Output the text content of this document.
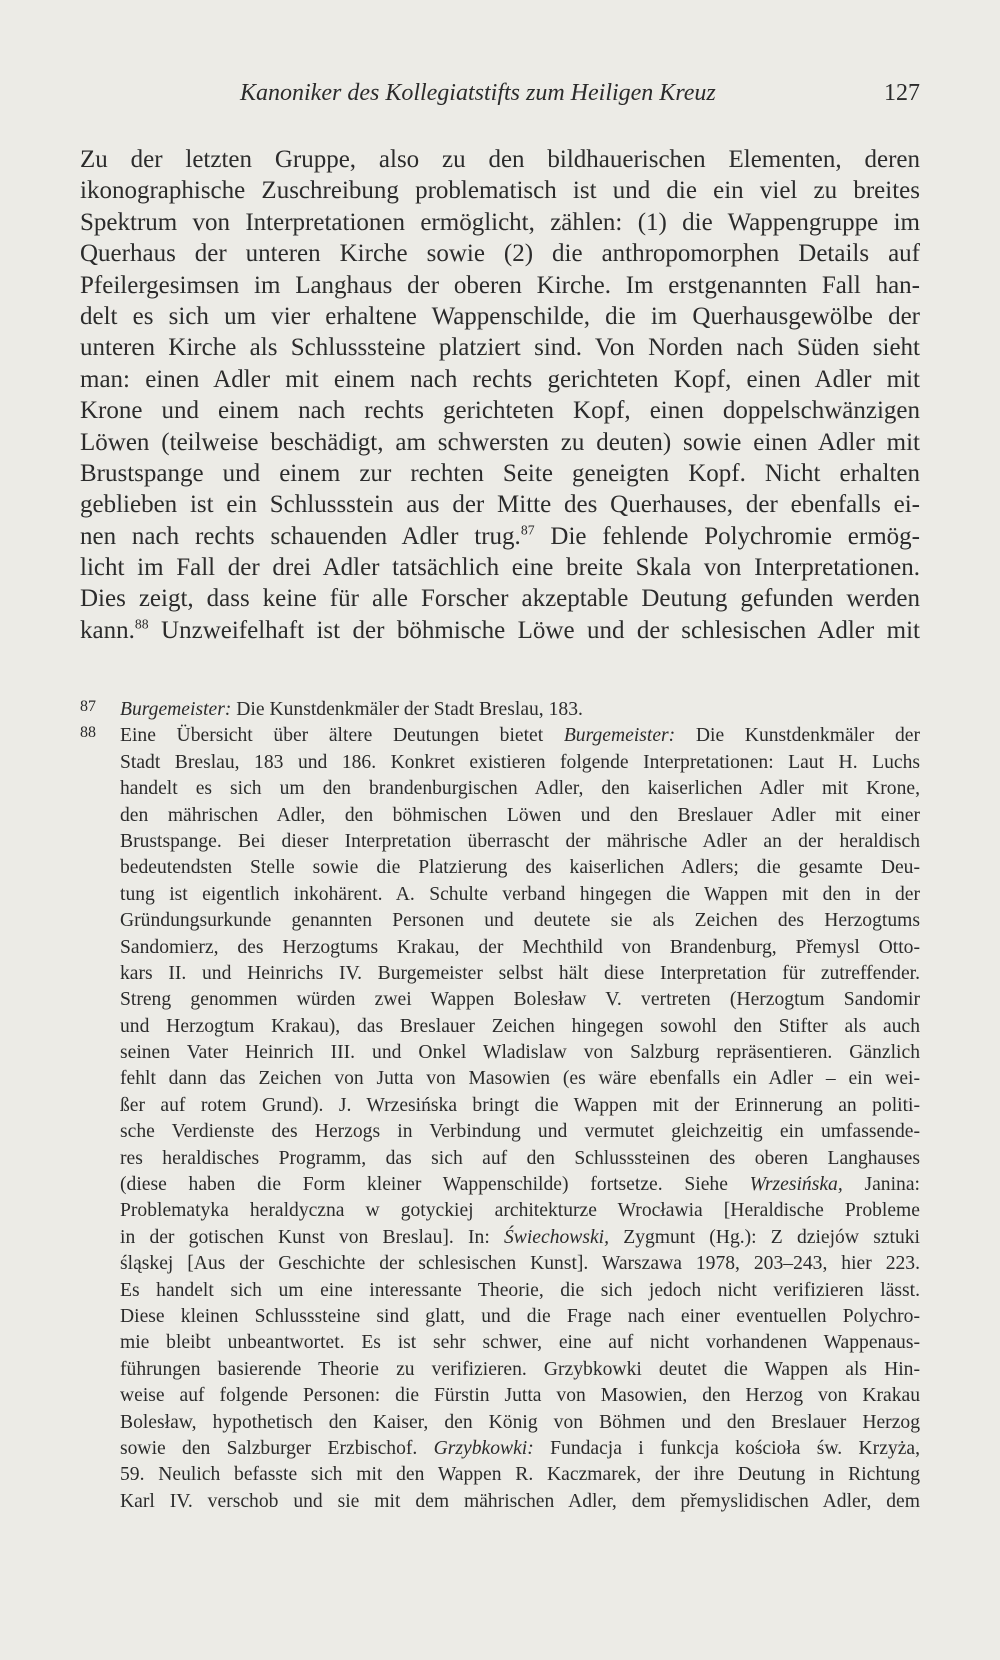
Kanoniker des Kollegiatstifts zum Heiligen Kreuz	127
Zu der letzten Gruppe, also zu den bildhauerischen Elementen, deren
ikonographische Zuschreibung problematisch ist und die ein viel zu breites
Spektrum von Interpretationen ermöglicht, zählen: (1) die Wappengruppe im
Querhaus der unteren Kirche sowie (2) die anthropomorphen Details auf
Pfeilergesimsen im Langhaus der oberen Kirche. Im erstgenannten Fall han-
delt es sich um vier erhaltene Wappenschilde, die im Querhausgewölbe der
unteren Kirche als Schlusssteine platziert sind. Von Norden nach Süden sieht
man: einen Adler mit einem nach rechts gerichteten Kopf, einen Adler mit
Krone und einem nach rechts gerichteten Kopf, einen doppelschwänzigen
Löwen (teilweise beschädigt, am schwersten zu deuten) sowie einen Adler mit
Brustspange und einem zur rechten Seite geneigten Kopf. Nicht erhalten
geblieben ist ein Schlussstein aus der Mitte des Querhauses, der ebenfalls ei-
nen nach rechts schauenden Adler trug.$^{87}$ Die fehlende Polychromie ermög-
licht im Fall der drei Adler tatsächlich eine breite Skala von Interpretationen.
Dies zeigt, dass keine für alle Forscher akzeptable Deutung gefunden werden
kann.$^{88}$ Unzweifelhaft ist der böhmische Löwe und der schlesischen Adler mit
87	Burgemeister: Die Kunstdenkmäler der Stadt Breslau, 183.
88	Eine Übersicht über ältere Deutungen bietet Burgemeister: Die Kunstdenkmäler der
Stadt Breslau, 183 und 186. Konkret existieren folgende Interpretationen: Laut H. Luchs
handelt es sich um den brandenburgischen Adler, den kaiserlichen Adler mit Krone,
den mährischen Adler, den böhmischen Löwen und den Breslauer Adler mit einer
Brustspange. Bei dieser Interpretation überrascht der mährische Adler an der heraldisch
bedeutendsten Stelle sowie die Platzierung des kaiserlichen Adlers; die gesamte Deu-
tung ist eigentlich inkohärent. A. Schulte verband hingegen die Wappen mit den in der
Gründungsurkunde genannten Personen und deutete sie als Zeichen des Herzogtums
Sandomierz, des Herzogtums Krakau, der Mechthild von Brandenburg, Přemysl Otto-
kars II. und Heinrichs IV. Burgemeister selbst hält diese Interpretation für zutreffender.
Streng genommen würden zwei Wappen Bolesław V. vertreten (Herzogtum Sandomir
und Herzogtum Krakau), das Breslauer Zeichen hingegen sowohl den Stifter als auch
seinen Vater Heinrich III. und Onkel Wladislaw von Salzburg repräsentieren. Gänzlich
fehlt dann das Zeichen von Jutta von Masowien (es wäre ebenfalls ein Adler – ein wei-
ßer auf rotem Grund). J. Wrzesińska bringt die Wappen mit der Erinnerung an politi-
sche Verdienste des Herzogs in Verbindung und vermutet gleichzeitig ein umfassende-
res heraldisches Programm, das sich auf den Schlusssteinen des oberen Langhauses
(diese haben die Form kleiner Wappenschilde) fortsetze. Siehe Wrzesińska, Janina:
Problematyka heraldyczna w gotyckiej architekturze Wrocławia [Heraldische Probleme
in der gotischen Kunst von Breslau]. In: Świechowski, Zygmunt (Hg.): Z dziejów sztuki
śląskej [Aus der Geschichte der schlesischen Kunst]. Warszawa 1978, 203–243, hier 223.
Es handelt sich um eine interessante Theorie, die sich jedoch nicht verifizieren lässt.
Diese kleinen Schlusssteine sind glatt, und die Frage nach einer eventuellen Polychro-
mie bleibt unbeantwortet. Es ist sehr schwer, eine auf nicht vorhandenen Wappenaus-
führungen basierende Theorie zu verifizieren. Grzybkowki deutet die Wappen als Hin-
weise auf folgende Personen: die Fürstin Jutta von Masowien, den Herzog von Krakau
Bolesław, hypothetisch den Kaiser, den König von Böhmen und den Breslauer Herzog
sowie den Salzburger Erzbischof. Grzybkowki: Fundacja i funkcja kościoła św. Krzyża,
59. Neulich befasste sich mit den Wappen R. Kaczmarek, der ihre Deutung in Richtung
Karl IV. verschob und sie mit dem mährischen Adler, dem přemyslidischen Adler, dem
